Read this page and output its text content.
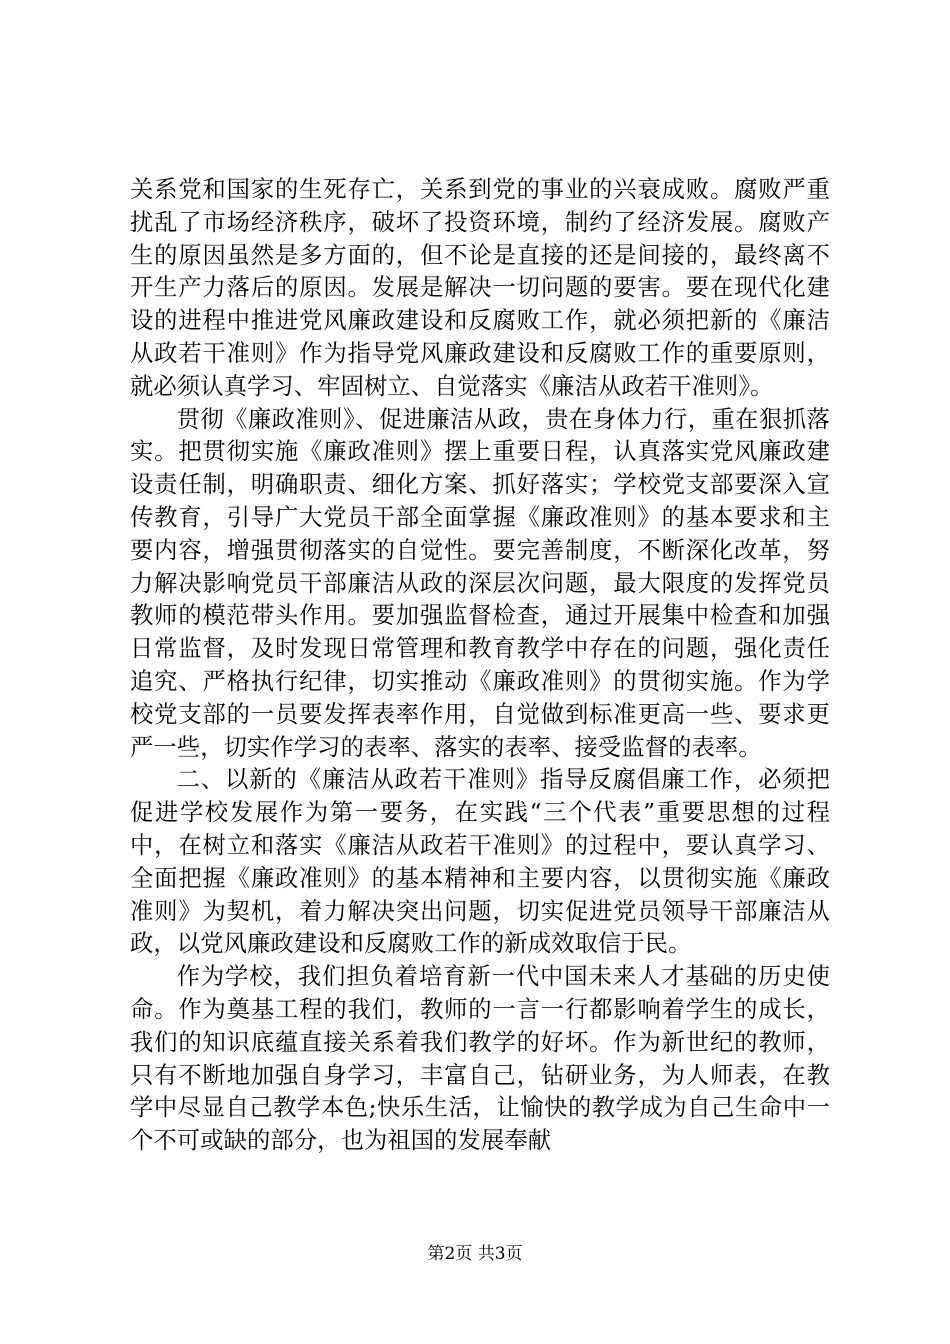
关系党和国家的生死存亡，关系到党的事业的兴衰成败。腐败严重扰乱了市场经济秩序，破坏了投资环境，制约了经济发展。腐败产生的原因虽然是多方面的，但不论是直接的还是间接的，最终离不开生产力落后的原因。发展是解决一切问题的要害。要在现代化建设的进程中推进党风廉政建设和反腐败工作，就必须把新的《廉洁从政若干准则》作为指导党风廉政建设和反腐败工作的重要原则，就必须认真学习、牢固树立、自觉落实《廉洁从政若干准则》。

贯彻《廉政准则》、促进廉洁从政，贵在身体力行，重在狠抓落实。把贯彻实施《廉政准则》摆上重要日程，认真落实党风廉政建设责任制，明确职责、细化方案、抓好落实；学校党支部要深入宣传教育，引导广大党员干部全面掌握《廉政准则》的基本要求和主要内容，增强贯彻落实的自觉性。要完善制度，不断深化改革，努力解决影响党员干部廉洁从政的深层次问题，最大限度的发挥党员教师的模范带头作用。要加强监督检查，通过开展集中检查和加强日常监督，及时发现日常管理和教育教学中存在的问题，强化责任追究、严格执行纪律，切实推动《廉政准则》的贯彻实施。作为学校党支部的一员要发挥表率作用，自觉做到标准更高一些、要求更严一些，切实作学习的表率、落实的表率、接受监督的表率。

二、以新的《廉洁从政若干准则》指导反腐倡廉工作，必须把促进学校发展作为第一要务，在实践“三个代表”重要思想的过程中，在树立和落实《廉洁从政若干准则》的过程中，要认真学习、全面把握《廉政准则》的基本精神和主要内容，以贯彻实施《廉政准则》为契机，着力解决突出问题，切实促进党员领导干部廉洁从政，以党风廉政建设和反腐败工作的新成效取信于民。

作为学校，我们担负着培育新一代中国未来人才基础的历史使命。作为奠基工程的我们，教师的一言一行都影响着学生的成长，我们的知识底蕴直接关系着我们教学的好坏。作为新世纪的教师，只有不断地加强自身学习，丰富自己，钻研业务，为人师表，在教学中尽显自己教学本色;快乐生活，让愉快的教学成为自己生命中一个不可或缺的部分，也为祖国的发展奉献

第2页 共3页
